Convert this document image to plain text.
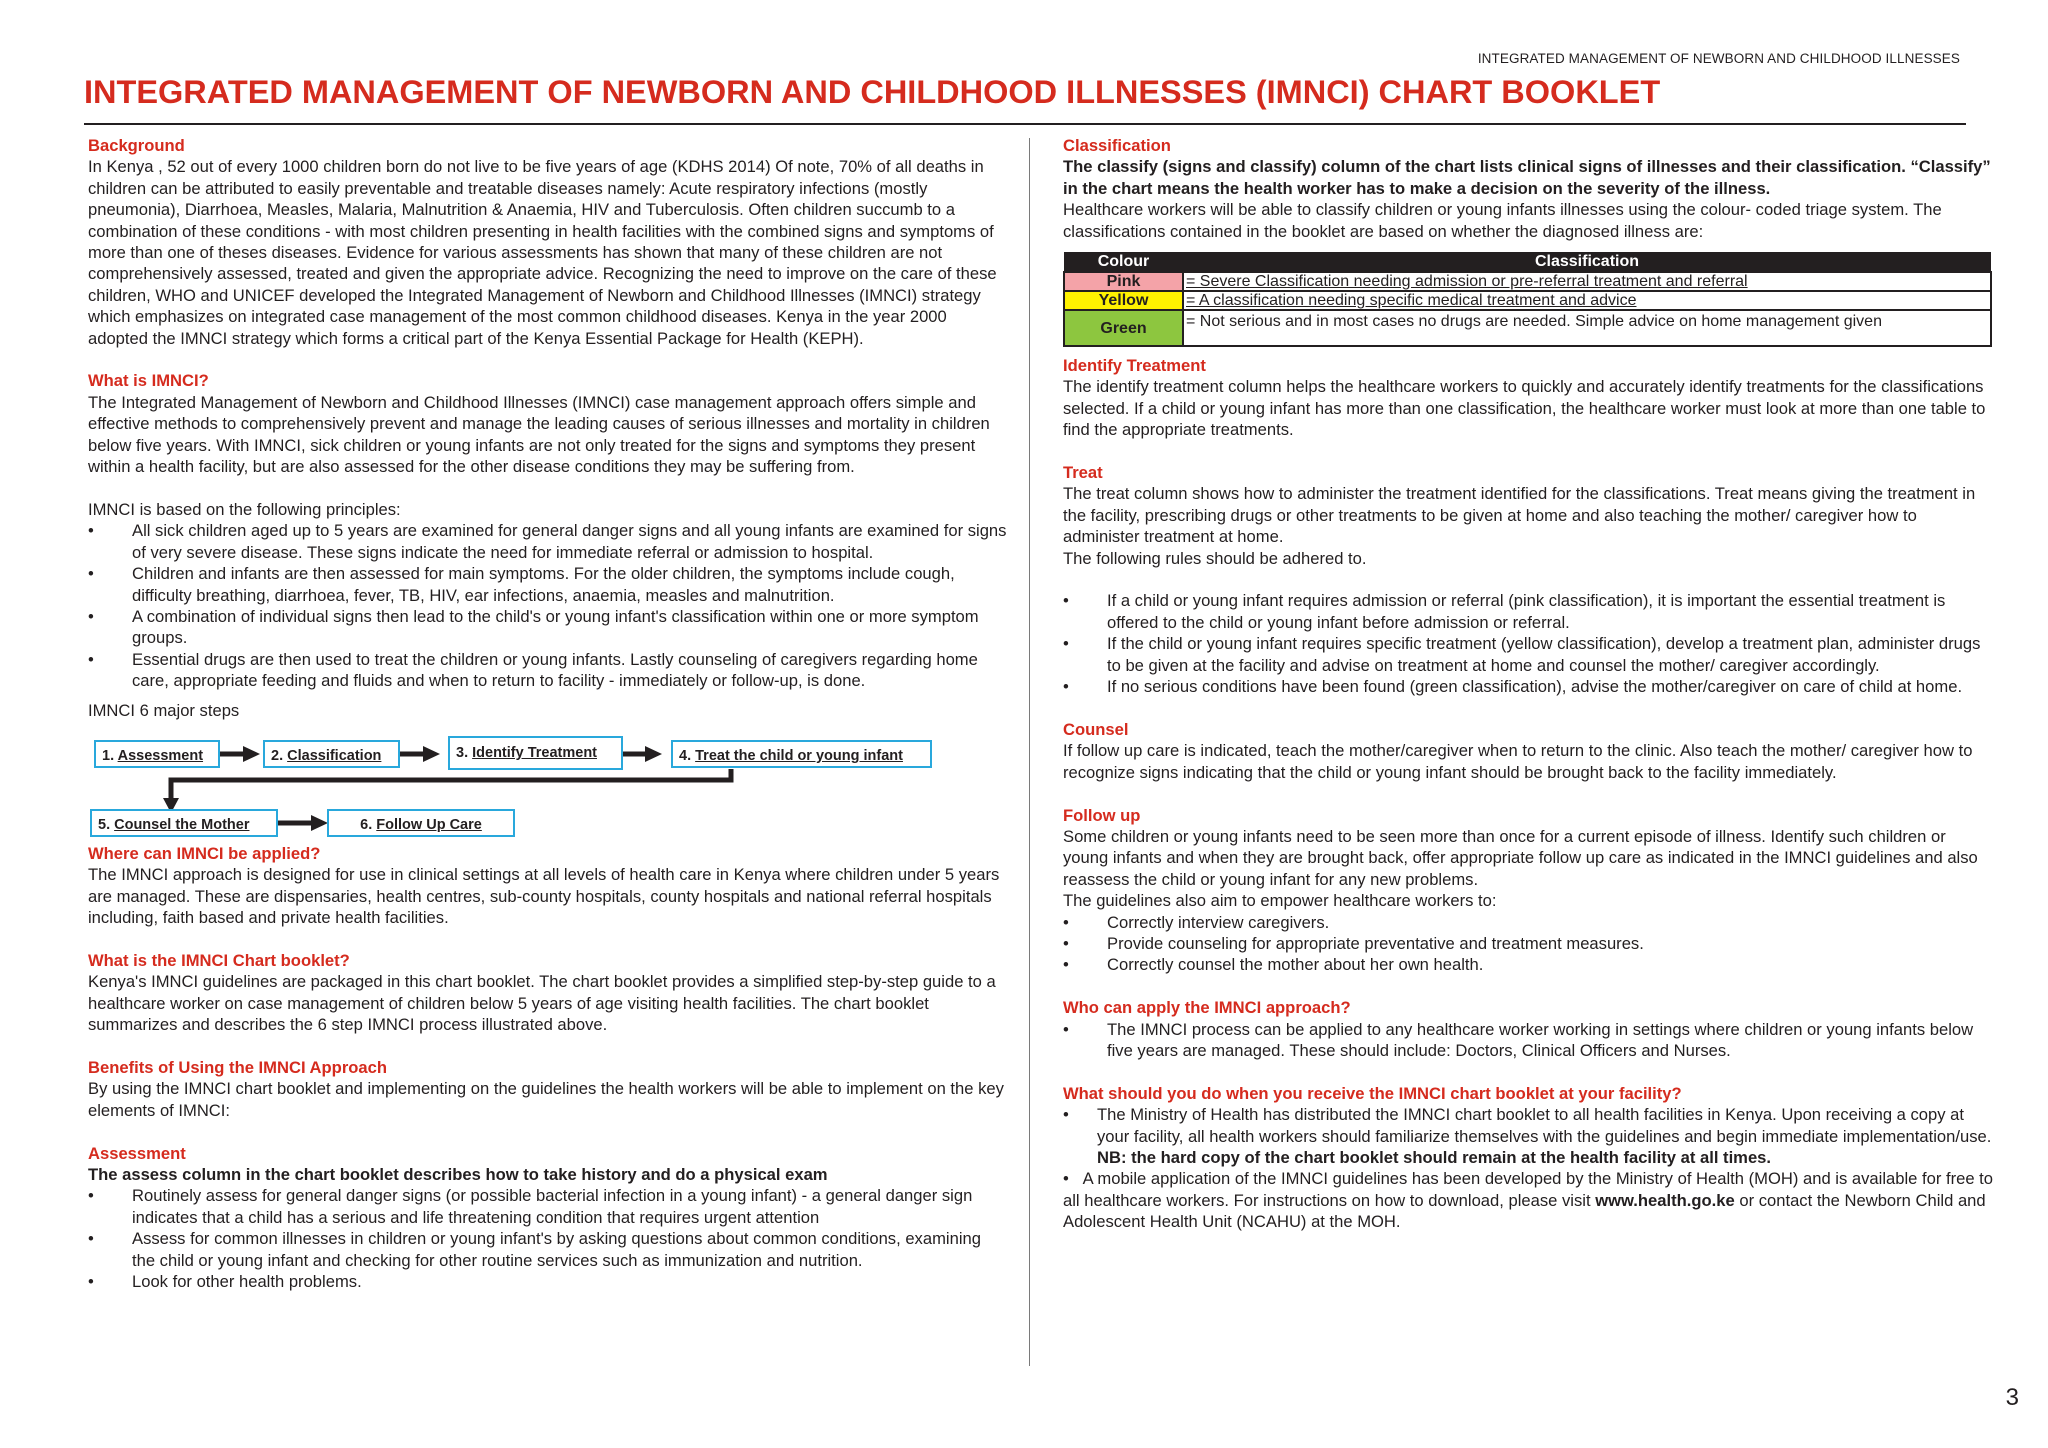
INTEGRATED MANAGEMENT OF NEWBORN AND CHILDHOOD ILLNESSES
INTEGRATED MANAGEMENT OF NEWBORN AND CHILDHOOD ILLNESSES (IMNCI) CHART BOOKLET

Background

In Kenya , 52 out of every 1000 children born do not live to be five years of age (KDHS 2014) Of note, 70% of all deaths in children can be attributed to easily preventable and treatable diseases namely: Acute respiratory infections (mostly pneumonia), Diarrhoea, Measles, Malaria, Malnutrition & Anaemia, HIV and Tuberculosis. Often children succumb to a combination of these conditions - with most children presenting in health facilities with the combined signs and symptoms of more than one of theses diseases. Evidence for various assessments has shown that many of these children are not comprehensively assessed, treated and given the appropriate advice. Recognizing the need to improve on the care of these children, WHO and UNICEF developed the Integrated Management of Newborn and Childhood Illnesses (IMNCI) strategy which emphasizes on integrated case management of the most common childhood diseases. Kenya in the year 2000 adopted the IMNCI strategy which forms a critical part of the Kenya Essential Package for Health (KEPH).

What is IMNCI?

The Integrated Management of Newborn and Childhood Illnesses (IMNCI) case management approach offers simple and effective methods to comprehensively prevent and manage the leading causes of serious illnesses and mortality in children below five years. With IMNCI, sick children or young infants are not only treated for the signs and symptoms they present within a health facility, but are also assessed for the other disease conditions they may be suffering from.

IMNCI is based on the following principles:

• All sick children aged up to 5 years are examined for general danger signs and all young infants are examined for signs of very severe disease. These signs indicate the need for immediate referral or admission to hospital.
• Children and infants are then assessed for main symptoms. For the older children, the symptoms include cough, difficulty breathing, diarrhoea, fever, TB, HIV, ear infections, anaemia, measles and malnutrition.
• A combination of individual signs then lead to the child's or young infant's classification within one or more symptom groups.
• Essential drugs are then used to treat the children or young infants. Lastly counseling of caregivers regarding home care, appropriate feeding and fluids and when to return to facility - immediately or follow-up, is done.

IMNCI 6 major steps

1. Assessment	2. Classification	3. Identify Treatment	4. Treat the child or young infant
5. Counsel the Mother	6. Follow Up Care

Where can IMNCI be applied?

The IMNCI approach is designed for use in clinical settings at all levels of health care in Kenya where children under 5 years are managed. These are dispensaries, health centres, sub-county hospitals, county hospitals and national referral hospitals including, faith based and private health facilities.

What is the IMNCI Chart booklet?

Kenya's IMNCI guidelines are packaged in this chart booklet. The chart booklet provides a simplified step-by-step guide to a healthcare worker on case management of children below 5 years of age visiting health facilities. The chart booklet summarizes and describes the 6 step IMNCI process illustrated above.

Benefits of Using the IMNCI Approach

By using the IMNCI chart booklet and implementing on the guidelines the health workers will be able to implement on the key elements of IMNCI:

Assessment

The assess column in the chart booklet describes how to take history and do a physical exam

• Routinely assess for general danger signs (or possible bacterial infection in a young infant) - a general danger sign indicates that a child has a serious and life threatening condition that requires urgent attention
• Assess for common illnesses in children or young infant's by asking questions about common conditions, examining the child or young infant and checking for other routine services such as immunization and nutrition.
• Look for other health problems.

Classification

The classify (signs and classify) column of the chart lists clinical signs of illnesses and their classification. “Classify” in the chart means the health worker has to make a decision on the severity of the illness.

Healthcare workers will be able to classify children or young infants illnesses using the colour- coded triage system. The classifications contained in the booklet are based on whether the diagnosed illness are:

Colour	Classification
Pink	= Severe Classification needing admission or pre-referral treatment and referral
Yellow	= A classification needing specific medical treatment and advice
Green	= Not serious and in most cases no drugs are needed. Simple advice on home management given

Identify Treatment

The identify treatment column helps the healthcare workers to quickly and accurately identify treatments for the classifications selected. If a child or young infant has more than one classification, the healthcare worker must look at more than one table to find the appropriate treatments.

Treat

The treat column shows how to administer the treatment identified for the classifications. Treat means giving the treatment in the facility, prescribing drugs or other treatments to be given at home and also teaching the mother/ caregiver how to administer treatment at home.

The following rules should be adhered to.

• If a child or young infant requires admission or referral (pink classification), it is important the essential treatment is offered to the child or young infant before admission or referral.
• If the child or young infant requires specific treatment (yellow classification), develop a treatment plan, administer drugs to be given at the facility and advise on treatment at home and counsel the mother/ caregiver accordingly.
• If no serious conditions have been found (green classification), advise the mother/caregiver on care of child at home.

Counsel

If follow up care is indicated, teach the mother/caregiver when to return to the clinic. Also teach the mother/ caregiver how to recognize signs indicating that the child or young infant should be brought back to the facility immediately.

Follow up

Some children or young infants need to be seen more than once for a current episode of illness. Identify such children or young infants and when they are brought back, offer appropriate follow up care as indicated in the IMNCI guidelines and also reassess the child or young infant for any new problems.

The guidelines also aim to empower healthcare workers to:

• Correctly interview caregivers.
• Provide counseling for appropriate preventative and treatment measures.
• Correctly counsel the mother about her own health.

Who can apply the IMNCI approach?

• The IMNCI process can be applied to any healthcare worker working in settings where children or young infants below five years are managed. These should include: Doctors, Clinical Officers and Nurses.

What should you do when you receive the IMNCI chart booklet at your facility?

• The Ministry of Health has distributed the IMNCI chart booklet to all health facilities in Kenya. Upon receiving a copy at your facility, all health workers should familiarize themselves with the guidelines and begin immediate implementation/use. NB: the hard copy of the chart booklet should remain at the health facility at all times.

•   A mobile application of the IMNCI guidelines has been developed by the Ministry of Health (MOH) and is available for free to all healthcare workers. For instructions on how to download, please visit www.health.go.ke or contact the Newborn Child and Adolescent Health Unit (NCAHU) at the MOH.

3
